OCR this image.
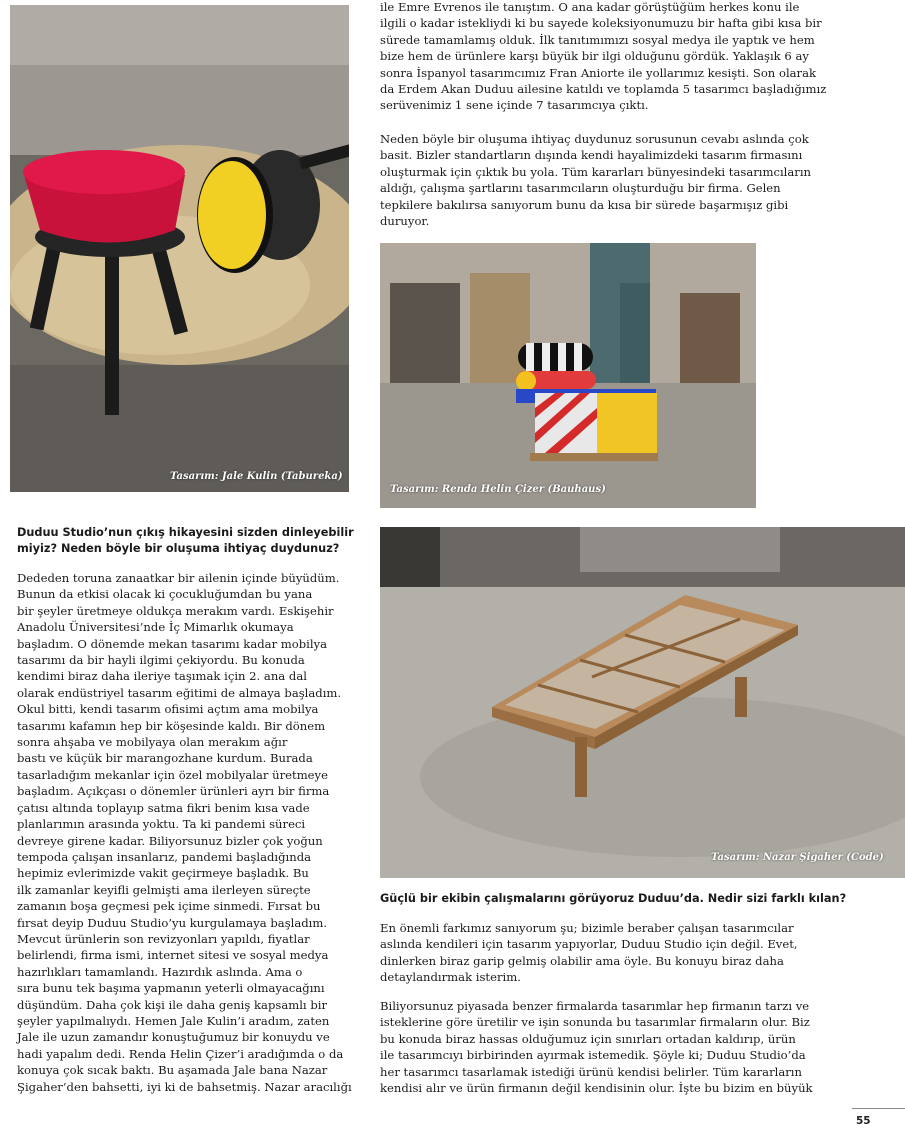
Tasarım: Jale Kulin (Tabureka)

ile Emre Evrenos ile tanıştım. O ana kadar görüştüğüm herkes konu ile
ilgili o kadar istekliydi ki bu sayede koleksiyonumuzu bir hafta gibi kısa bir
sürede tamamlamış olduk. İlk tanıtımımızı sosyal medya ile yaptık ve hem
bize hem de ürünlere karşı büyük bir ilgi olduğunu gördük. Yaklaşık 6 ay
sonra İspanyol tasarımcımız Fran Aniorte ile yollarımız kesişti. Son olarak
da Erdem Akan Duduu ailesine katıldı ve toplamda 5 tasarımcı başladığımız
serüvenimiz 1 sene içinde 7 tasarımcıya çıktı.

Neden böyle bir oluşuma ihtiyaç duydunuz sorusunun cevabı aslında çok
basit. Bizler standartların dışında kendi hayalimizdeki tasarım firmasını
oluşturmak için çıktık bu yola. Tüm kararları bünyesindeki tasarımcıların
aldığı, çalışma şartlarını tasarımcıların oluşturduğu bir firma. Gelen
tepkilere bakılırsa sanıyorum bunu da kısa bir sürede başarmışız gibi
duruyor.

Tasarım: Renda Helin Çizer (Bauhaus)

Duduu Studio’nun çıkış hikayesini sizden dinleyebilir
miyiz? Neden böyle bir oluşuma ihtiyaç duydunuz?

Dededen toruna zanaatkar bir ailenin içinde büyüdüm.
Bunun da etkisi olacak ki çocukluğumdan bu yana
bir şeyler üretmeye oldukça merakım vardı. Eskişehir
Anadolu Üniversitesi’nde İç Mimarlık okumaya
başladım. O dönemde mekan tasarımı kadar mobilya
tasarımı da bir hayli ilgimi çekiyordu. Bu konuda
kendimi biraz daha ileriye taşımak için 2. ana dal
olarak endüstriyel tasarım eğitimi de almaya başladım.
Okul bitti, kendi tasarım ofisimi açtım ama mobilya
tasarımı kafamın hep bir köşesinde kaldı. Bir dönem
sonra ahşaba ve mobilyaya olan merakım ağır
bastı ve küçük bir marangozhane kurdum. Burada
tasarladığım mekanlar için özel mobilyalar üretmeye
başladım. Açıkçası o dönemler ürünleri ayrı bir firma
çatısı altında toplayıp satma fikri benim kısa vade
planlarımın arasında yoktu. Ta ki pandemi süreci
devreye girene kadar. Biliyorsunuz bizler çok yoğun
tempoda çalışan insanlarız, pandemi başladığında
hepimiz evlerimizde vakit geçirmeye başladık. Bu
ilk zamanlar keyifli gelmişti ama ilerleyen süreçte
zamanın boşa geçmesi pek içime sinmedi. Fırsat bu
fırsat deyip Duduu Studio’yu kurgulamaya başladım.
Mevcut ürünlerin son revizyonları yapıldı, fiyatlar
belirlendi, firma ismi, internet sitesi ve sosyal medya
hazırlıkları tamamlandı. Hazırdık aslında. Ama o
sıra bunu tek başıma yapmanın yeterli olmayacağını
düşündüm. Daha çok kişi ile daha geniş kapsamlı bir
şeyler yapılmalıydı. Hemen Jale Kulin’i aradım, zaten
Jale ile uzun zamandır konuştuğumuz bir konuydu ve
hadi yapalım dedi. Renda Helin Çizer’i aradığımda o da
konuya çok sıcak baktı. Bu aşamada Jale bana Nazar
Şigaher’den bahsetti, iyi ki de bahsetmiş. Nazar aracılığı

Tasarım: Nazar Şigaher (Code)

Güçlü bir ekibin çalışmalarını görüyoruz Duduu’da. Nedir sizi farklı kılan?

En önemli farkımız sanıyorum şu; bizimle beraber çalışan tasarımcılar
aslında kendileri için tasarım yapıyorlar, Duduu Studio için değil. Evet,
dinlerken biraz garip gelmiş olabilir ama öyle. Bu konuyu biraz daha
detaylandırmak isterim.

Biliyorsunuz piyasada benzer firmalarda tasarımlar hep firmanın tarzı ve
isteklerine göre üretilir ve işin sonunda bu tasarımlar firmaların olur. Biz
bu konuda biraz hassas olduğumuz için sınırları ortadan kaldırıp, ürün
ile tasarımcıyı birbirinden ayırmak istemedik. Şöyle ki; Duduu Studio’da
her tasarımcı tasarlamak istediği ürünü kendisi belirler. Tüm kararların
kendisi alır ve ürün firmanın değil kendisinin olur. İşte bu bizim en büyük

55
